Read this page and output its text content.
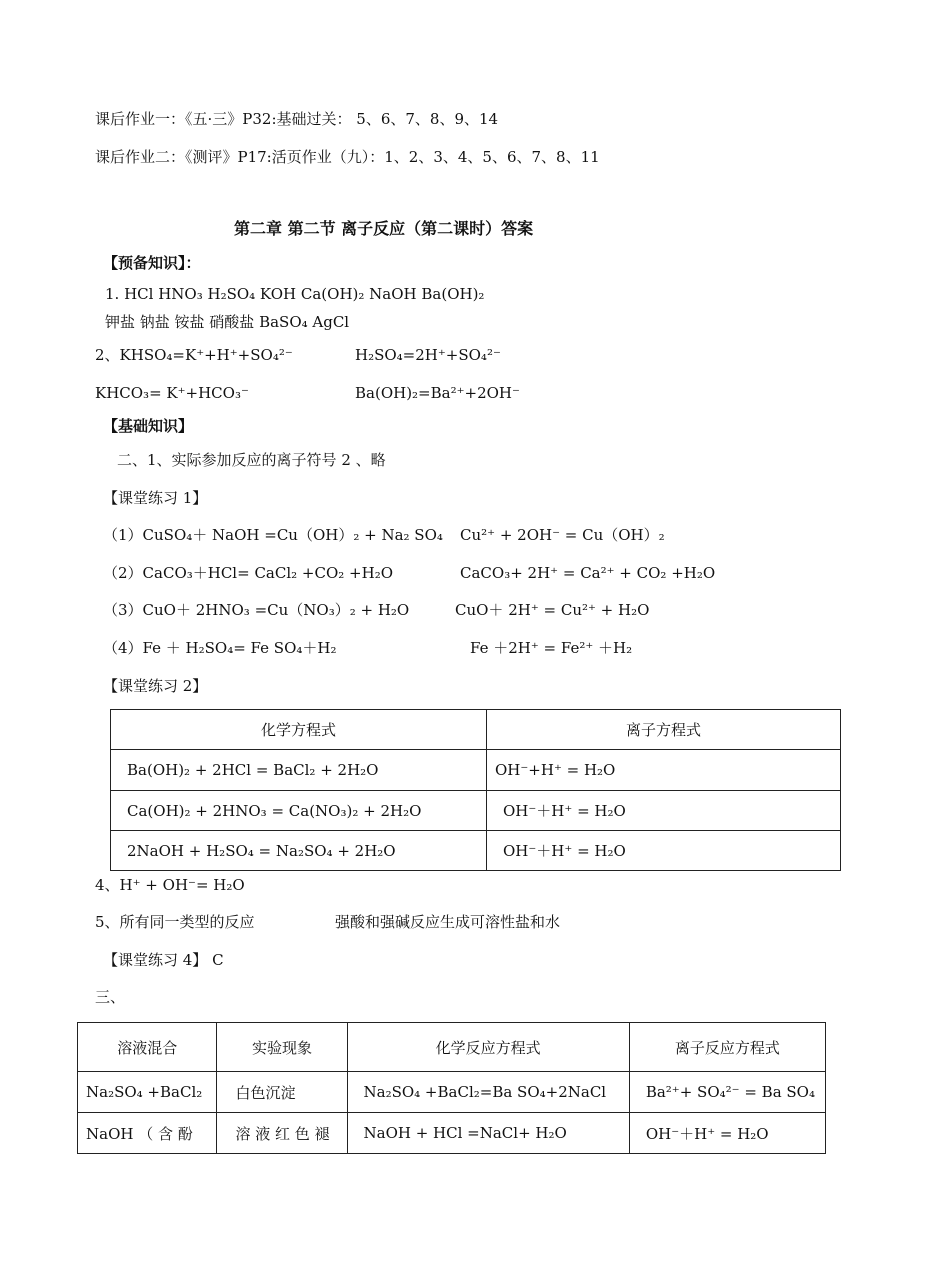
课后作业一：《五·三》P32:基础过关： 5、6、7、8、9、14
课后作业二：《测评》P17:活页作业（九）：1、2、3、4、5、6、7、8、11
第二章 第二节 离子反应（第二课时）答案
【预备知识】：
1. HCl HNO₃ H₂SO₄ KOH Ca(OH)₂ NaOH Ba(OH)₂
钾盐 钠盐 铵盐 硝酸盐 BaSO₄ AgCl
2、KHSO₄=K⁺+H⁺+SO₄²⁻	H₂SO₄=2H⁺+SO₄²⁻
KHCO₃= K⁺+HCO₃⁻	Ba(OH)₂=Ba²⁺+2OH⁻
【基础知识】
二、1、实际参加反应的离子符号 2 、略
【课堂练习 1】
（1）CuSO₄＋ NaOH =Cu（OH）₂ + Na₂ SO₄ Cu²⁺ + 2OH⁻ = Cu（OH）₂
（2）CaCO₃＋HCl= CaCl₂ +CO₂ +H₂O	CaCO₃+ 2H⁺ = Ca²⁺ + CO₂ +H₂O
（3）CuO＋ 2HNO₃ =Cu（NO₃）₂ + H₂O	CuO＋ 2H⁺ = Cu²⁺ + H₂O
（4）Fe ＋ H₂SO₄= Fe SO₄＋H₂	Fe ＋2H⁺ = Fe²⁺ ＋H₂
【课堂练习 2】
化学方程式	离子方程式
Ba(OH)₂ + 2HCl = BaCl₂ + 2H₂O	OH⁻+H⁺ = H₂O
Ca(OH)₂ + 2HNO₃ = Ca(NO₃)₂ + 2H₂O	OH⁻＋H⁺ = H₂O
2NaOH + H₂SO₄ = Na₂SO₄ + 2H₂O	OH⁻＋H⁺ = H₂O
4、H⁺ + OH⁻= H₂O
5、所有同一类型的反应	强酸和强碱反应生成可溶性盐和水
【课堂练习 4】 C
三、
溶液混合	实验现象	化学反应方程式	离子反应方程式
Na₂SO₄ +BaCl₂	白色沉淀	Na₂SO₄ +BaCl₂=Ba SO₄+2NaCl	Ba²⁺+ SO₄²⁻ = Ba SO₄
NaOH （ 含 酚	溶 液 红 色 褪	NaOH + HCl =NaCl+ H₂O	OH⁻＋H⁺ = H₂O
